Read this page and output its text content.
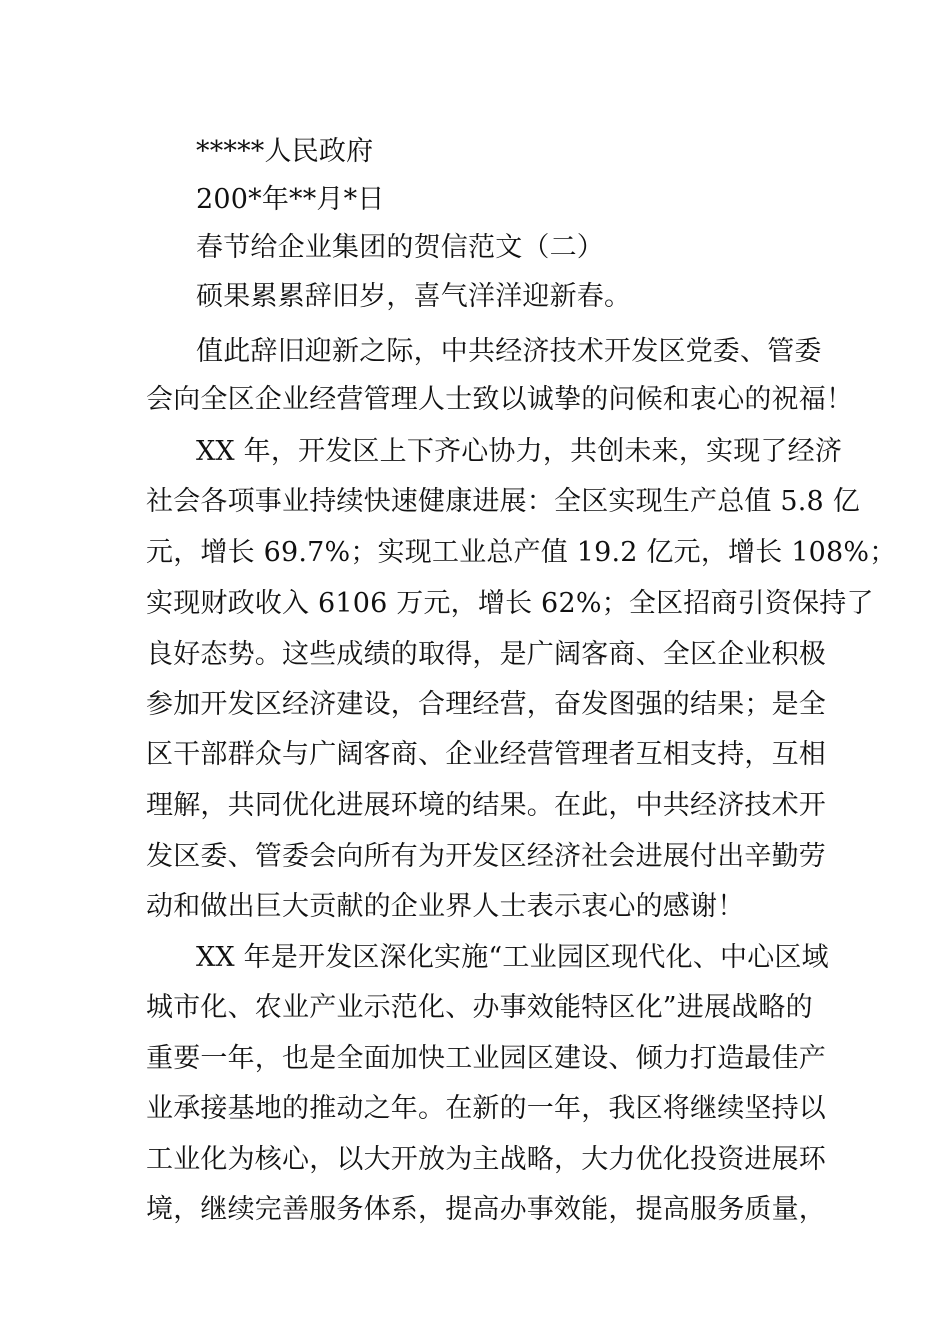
*****人民政府
200*年**月*日
春节给企业集团的贺信范文（二）
硕果累累辞旧岁，喜气洋洋迎新春。
值此辞旧迎新之际，中共经济技术开发区党委、管委
会向全区企业经营管理人士致以诚挚的问候和衷心的祝福！
XX 年，开发区上下齐心协力，共创未来，实现了经济
社会各项事业持续快速健康进展：全区实现生产总值 5.8 亿
元，增长 69.7%；实现工业总产值 19.2 亿元，增长 108%；
实现财政收入 6106 万元，增长 62%；全区招商引资保持了
良好态势。这些成绩的取得，是广阔客商、全区企业积极
参加开发区经济建设，合理经营，奋发图强的结果；是全
区干部群众与广阔客商、企业经营管理者互相支持，互相
理解，共同优化进展环境的结果。在此，中共经济技术开
发区委、管委会向所有为开发区经济社会进展付出辛勤劳
动和做出巨大贡献的企业界人士表示衷心的感谢！
XX 年是开发区深化实施“工业园区现代化、中心区域
城市化、农业产业示范化、办事效能特区化”进展战略的
重要一年，也是全面加快工业园区建设、倾力打造最佳产
业承接基地的推动之年。在新的一年，我区将继续坚持以
工业化为核心，以大开放为主战略，大力优化投资进展环
境，继续完善服务体系，提高办事效能，提高服务质量，
